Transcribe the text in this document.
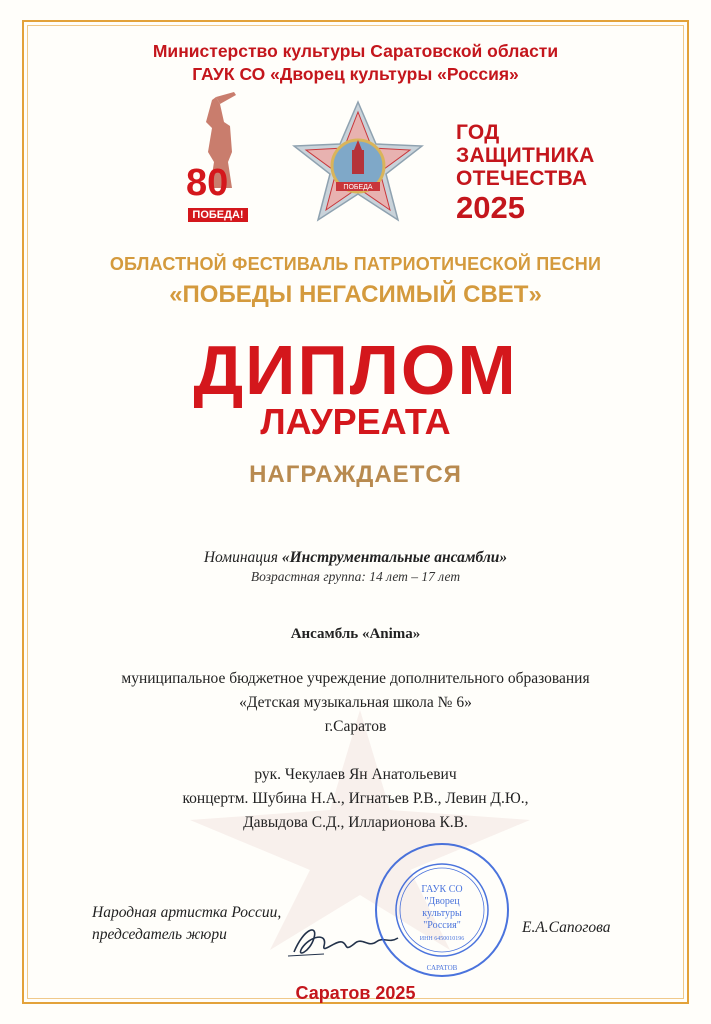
Министерство культуры Саратовской области
ГАУК СО «Дворец культуры «Россия»
80
ПОБЕДА!
ПОБЕДА
ГОД
ЗАЩИТНИКА
ОТЕЧЕСТВА
2025
ОБЛАСТНОЙ ФЕСТИВАЛЬ ПАТРИОТИЧЕСКОЙ ПЕСНИ
«ПОБЕДЫ НЕГАСИМЫЙ СВЕТ»
ДИПЛОМ
ЛАУРЕАТА
НАГРАЖДАЕТСЯ
Номинация «Инструментальные ансамбли»
Возрастная группа: 14 лет – 17 лет
Ансамбль «Anima»
муниципальное бюджетное учреждение дополнительного образования
«Детская музыкальная школа № 6»
г.Саратов
рук. Чекулаев Ян Анатольевич
концертм. Шубина Н.А., Игнатьев Р.В., Левин Д.Ю.,
Давыдова С.Д., Илларионова К.В.
Народная артистка России,
председатель жюри	Е.А.Сапогова
ГАУК СО
"Дворец
культуры
"Россия"
ИНН 6450010196
САРАТОВ
Саратов 2025
